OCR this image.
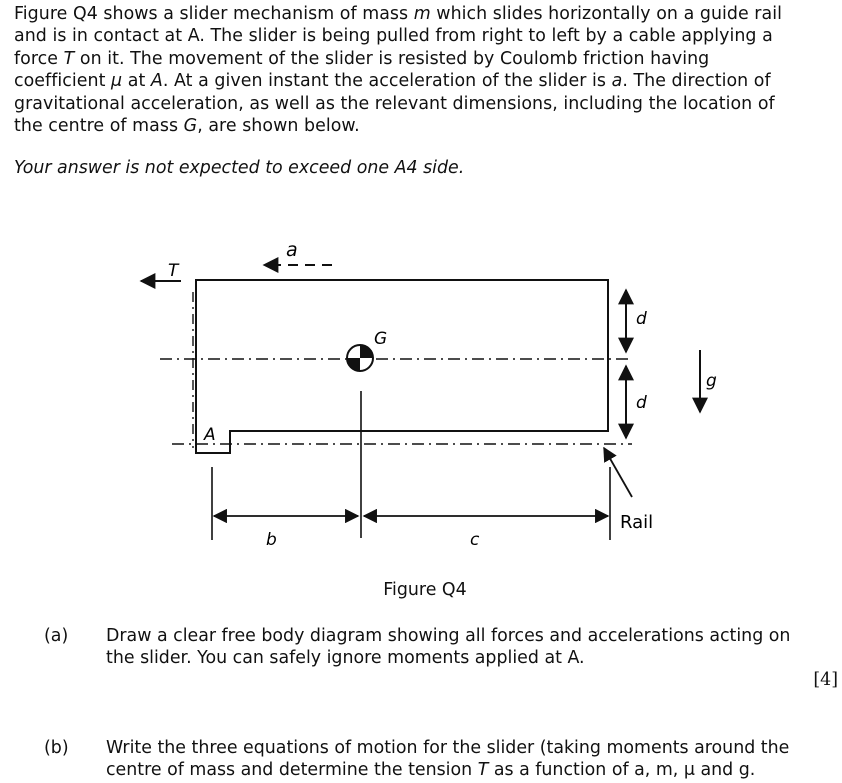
Figure Q4 shows a slider mechanism of mass m which slides horizontally on a guide rail
and is in contact at A. The slider is being pulled from right to left by a cable applying a
force T on it. The movement of the slider is resisted by Coulomb friction having
coefficient μ at A. At a given instant the acceleration of the slider is a. The direction of
gravitational acceleration, as well as the relevant dimensions, including the location of
the centre of mass G, are shown below.
Your answer is not expected to exceed one A4 side.
T
a
G
A
d
d
g
b	c
Rail
Figure Q4
(a) Draw a clear free body diagram showing all forces and accelerations acting on
the slider. You can safely ignore moments applied at A.
[4]
(b) Write the three equations of motion for the slider (taking moments around the
centre of mass and determine the tension T as a function of a, m, μ and g.
